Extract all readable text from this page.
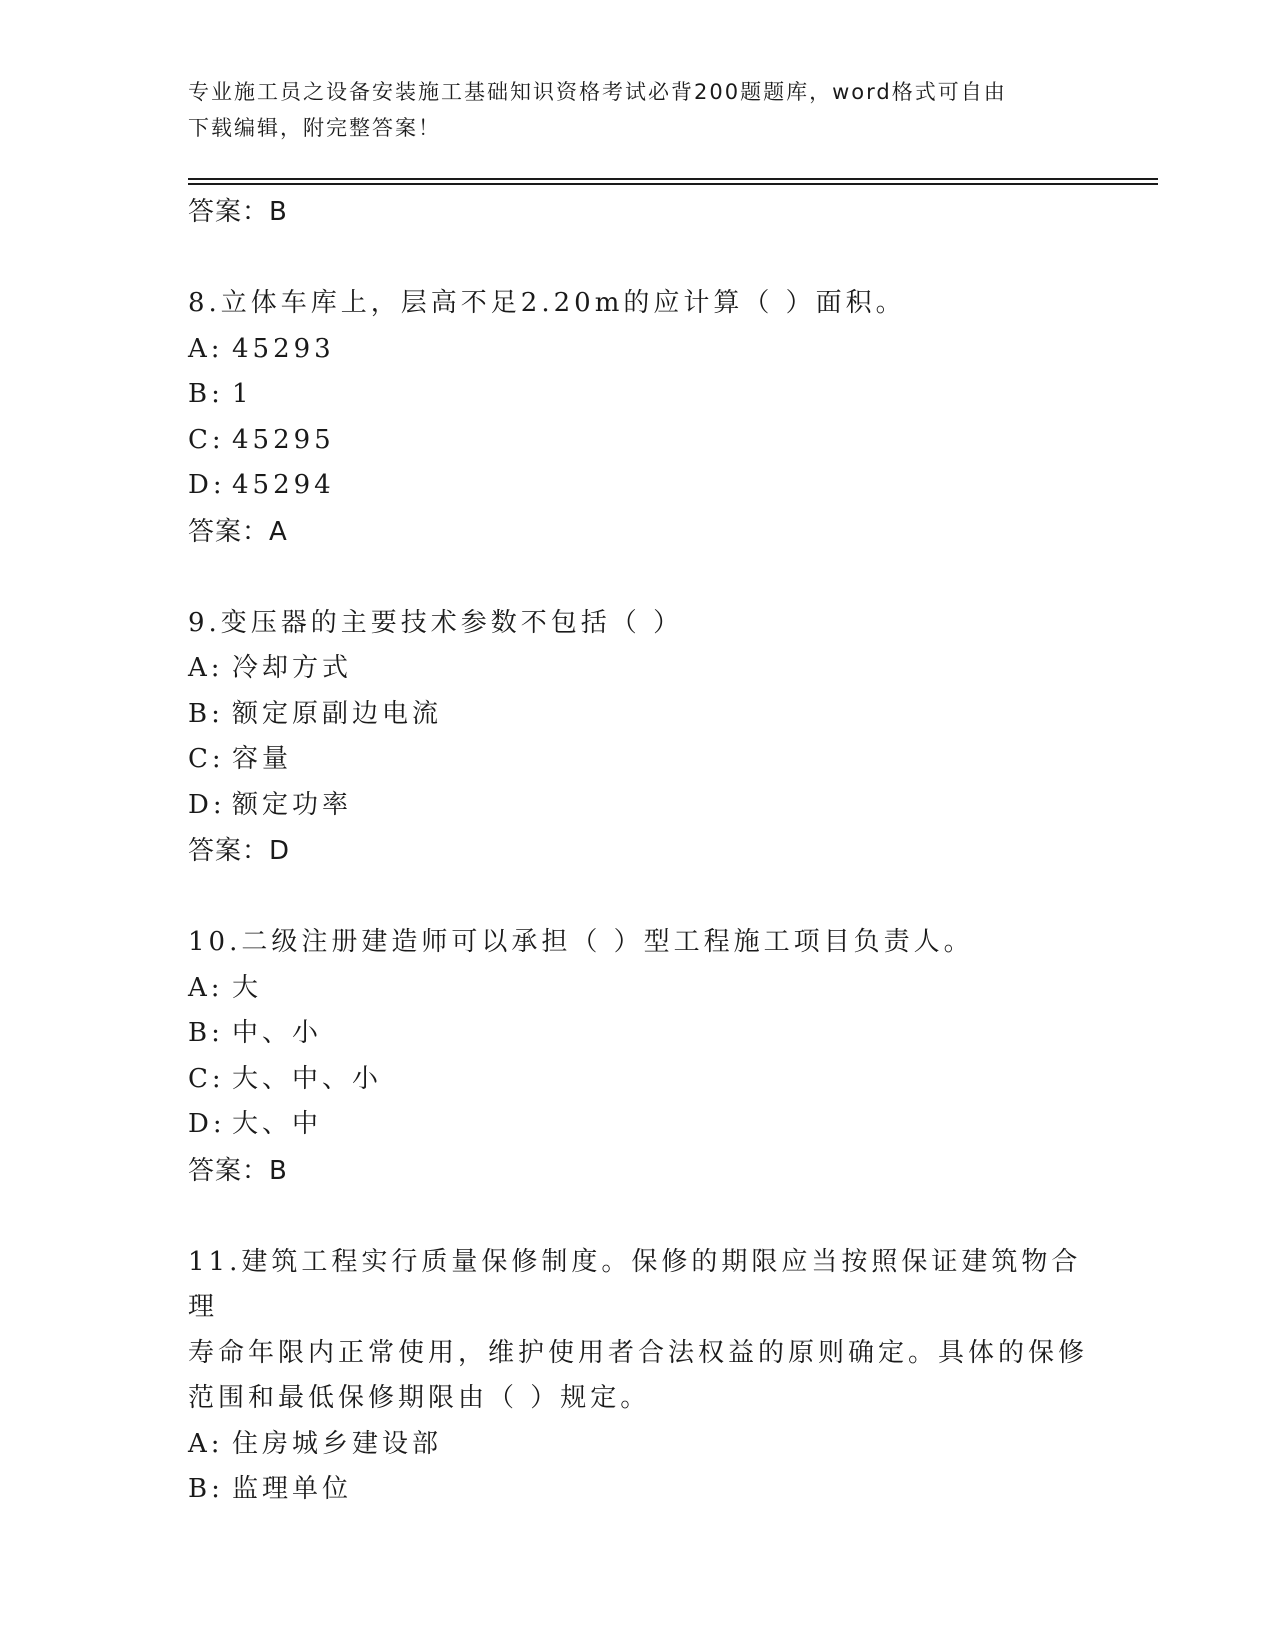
专业施工员之设备安装施工基础知识资格考试必背200题题库，word格式可自由
下载编辑，附完整答案！
答案：B
8.立体车库上，层高不足2.20m的应计算（ ）面积。
A: 45293
B: 1
C: 45295
D: 45294
答案：A
9.变压器的主要技术参数不包括（ ）
A: 冷却方式
B: 额定原副边电流
C: 容量
D: 额定功率
答案：D
10.二级注册建造师可以承担（ ）型工程施工项目负责人。
A: 大
B: 中、小
C: 大、中、小
D: 大、中
答案：B
11.建筑工程实行质量保修制度。保修的期限应当按照保证建筑物合理
寿命年限内正常使用，维护使用者合法权益的原则确定。具体的保修
范围和最低保修期限由（ ）规定。
A: 住房城乡建设部
B: 监理单位
